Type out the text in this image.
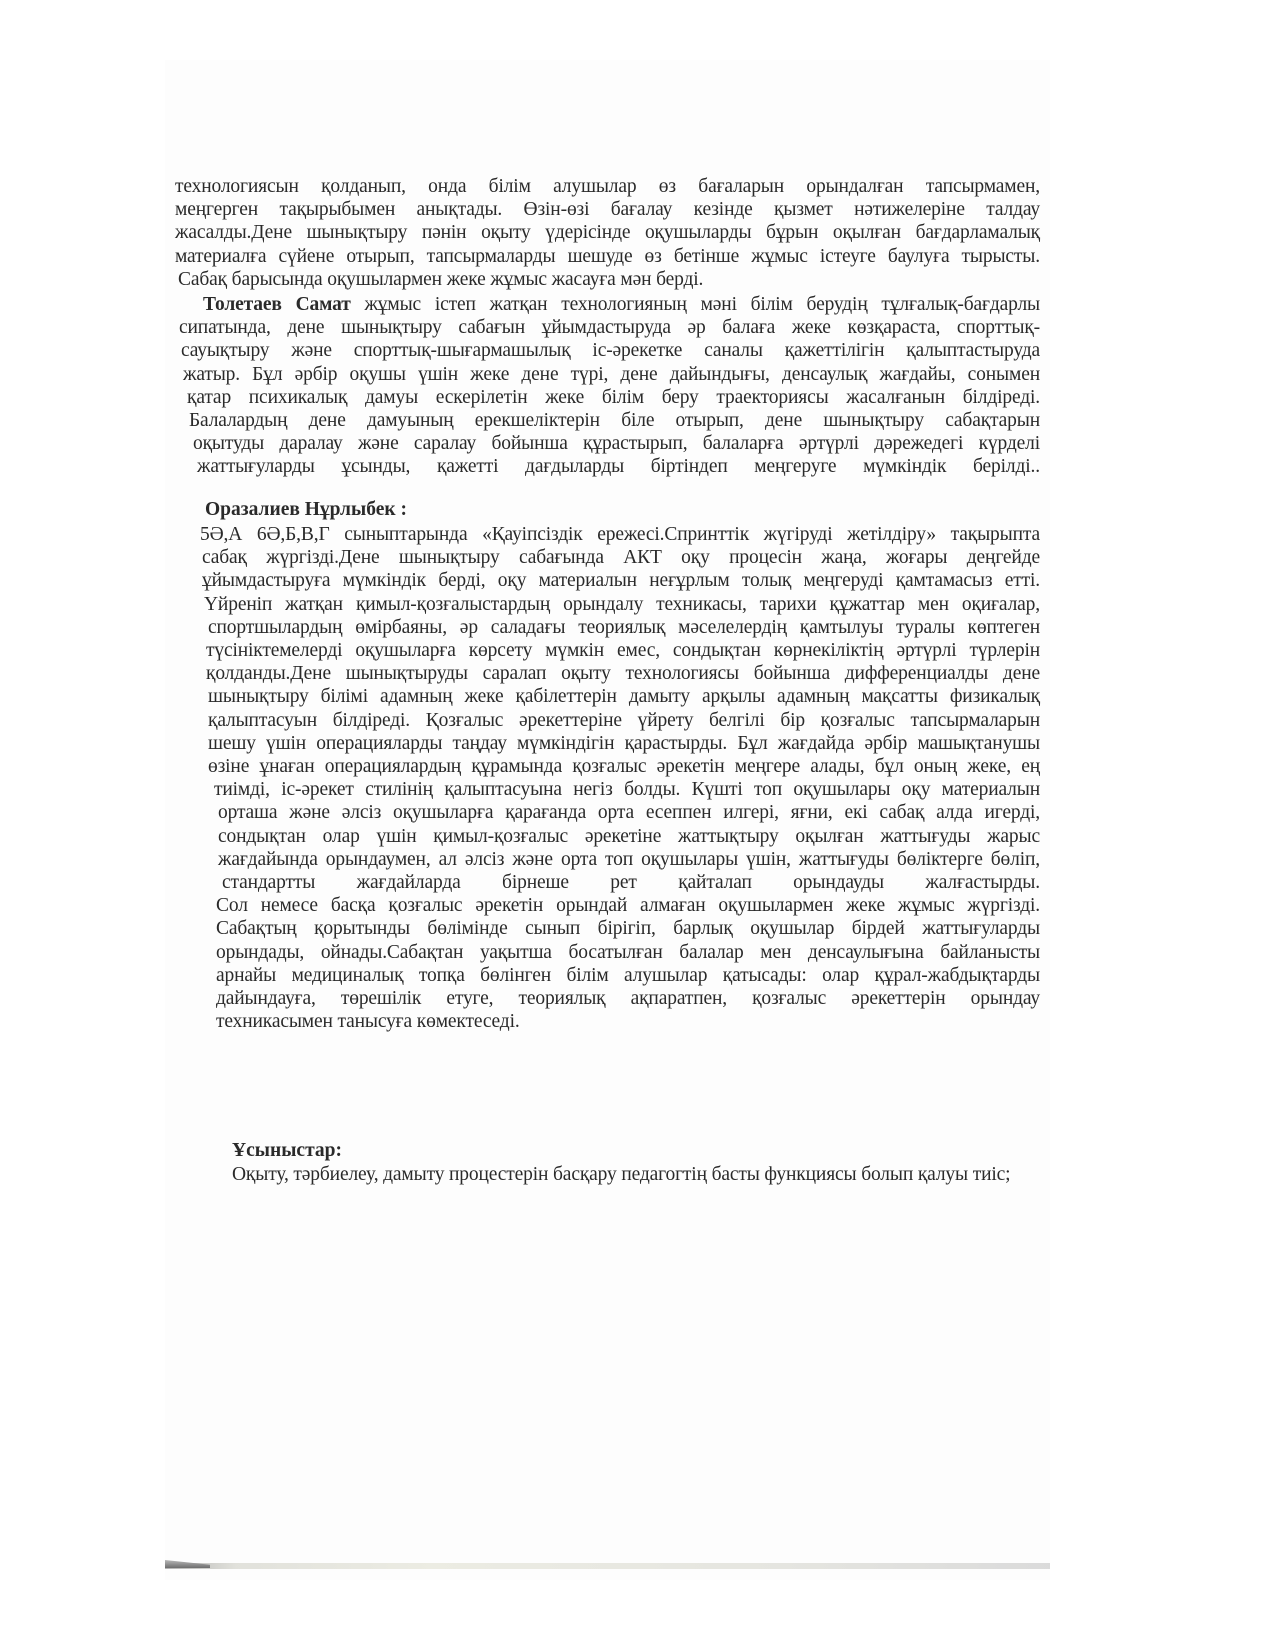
технологиясын қолданып, онда білім алушылар өз бағаларын орындалған тапсырмамен,
меңгерген тақырыбымен анықтады. Өзін-өзі бағалау кезінде қызмет нәтижелеріне талдау
жасалды.Дене шынықтыру пәнін оқыту үдерісінде оқушыларды бұрын оқылған бағдарламалық
материалға сүйене отырып, тапсырмаларды шешуде өз бетінше жұмыс істеуге баулуға тырысты.
Сабақ барысында оқушылармен жеке жұмыс жасауға мән берді.
Толетаев Самат жұмыс істеп жатқан технологияның мәні білім берудің тұлғалық-бағдарлы
сипатында, дене шынықтыру сабағын ұйымдастыруда әр балаға жеке көзқараста, спорттық-
сауықтыру және спорттық-шығармашылық іс-әрекетке саналы қажеттілігін қалыптастыруда
жатыр. Бұл әрбір оқушы үшін жеке дене түрі, дене дайындығы, денсаулық жағдайы, сонымен
қатар психикалық дамуы ескерілетін жеке білім беру траекториясы жасалғанын білдіреді.
Балалардың дене дамуының ерекшеліктерін біле отырып, дене шынықтыру сабақтарын
оқытуды даралау және саралау бойынша құрастырып, балаларға әртүрлі дәрежедегі күрделі
жаттығуларды ұсынды, қажетті дағдыларды біртіндеп меңгеруге мүмкіндік берілді..
Оразалиев Нұрлыбек :
5Ә,А 6Ә,Б,В,Г сыныптарында «Қауіпсіздік ережесі.Спринттік жүгіруді жетілдіру» тақырыпта
сабақ жүргізді.Дене шынықтыру сабағында АКТ оқу процесін жаңа, жоғары деңгейде
ұйымдастыруға мүмкіндік берді, оқу материалын неғұрлым толық меңгеруді қамтамасыз етті.
Үйреніп жатқан қимыл-қозғалыстардың орындалу техникасы, тарихи құжаттар мен оқиғалар,
спортшылардың өмірбаяны, әр саладағы теориялық мәселелердің қамтылуы туралы көптеген
түсініктемелерді оқушыларға көрсету мүмкін емес, сондықтан көрнекіліктің әртүрлі түрлерін
қолданды.Дене шынықтыруды саралап оқыту технологиясы бойынша дифференциалды дене
шынықтыру білімі адамның жеке қабілеттерін дамыту арқылы адамның мақсатты физикалық
қалыптасуын білдіреді. Қозғалыс әрекеттеріне үйрету белгілі бір қозғалыс тапсырмаларын
шешу үшін операцияларды таңдау мүмкіндігін қарастырды. Бұл жағдайда әрбір машықтанушы
өзіне ұнаған операциялардың құрамында қозғалыс әрекетін меңгере алады, бұл оның жеке, ең
тиімді, іс-әрекет стилінің қалыптасуына негіз болды. Күшті топ оқушылары оқу материалын
орташа және әлсіз оқушыларға қарағанда орта есеппен илгері, яғни, екі сабақ алда игерді,
сондықтан олар үшін қимыл-қозғалыс әрекетіне жаттықтыру оқылған жаттығуды жарыс
жағдайында орындаумен, ал әлсіз және орта топ оқушылары үшін, жаттығуды бөліктерге бөліп,
стандартты жағдайларда бірнеше рет қайталап орындауды жалғастырды.
Сол немесе басқа қозғалыс әрекетін орындай алмаған оқушылармен жеке жұмыс жүргізді.
Сабақтың қорытынды бөлімінде сынып бірігіп, барлық оқушылар бірдей жаттығуларды
орындады, ойнады.Сабақтан уақытша босатылған балалар мен денсаулығына байланысты
арнайы медициналық топқа бөлінген білім алушылар қатысады: олар құрал-жабдықтарды
дайындауға, төрешілік етуге, теориялық ақпаратпен, қозғалыс әрекеттерін орындау
техникасымен танысуға көмектеседі.
Ұсыныстар:
Оқыту, тәрбиелеу, дамыту процестерін басқару педагогтің басты функциясы болып қалуы тиіс;
